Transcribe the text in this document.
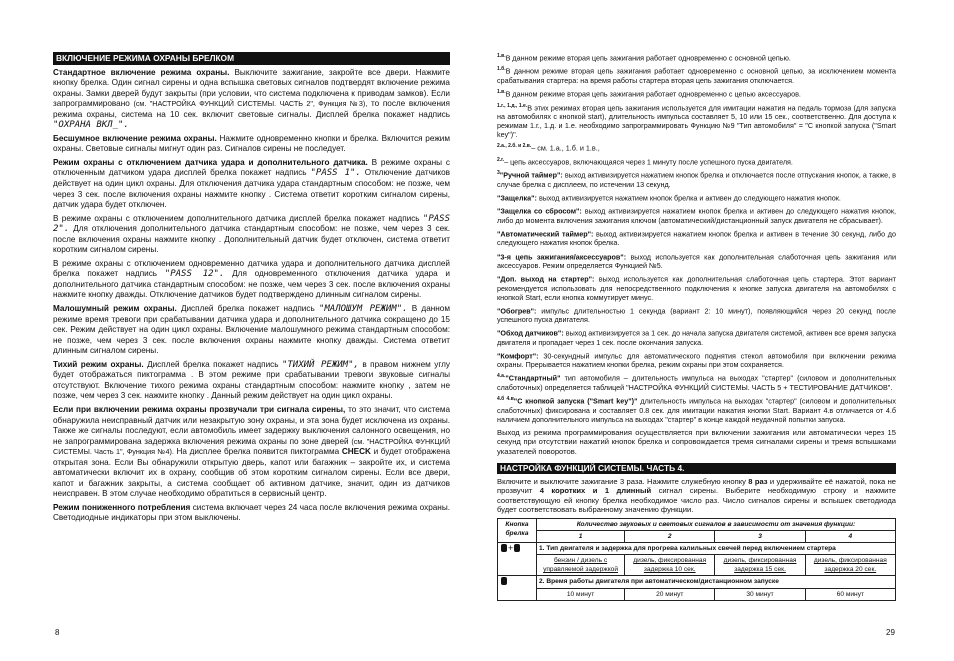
ВКЛЮЧЕНИЕ РЕЖИМА ОХРАНЫ БРЕЛКОМ
Стандартное включение режима охраны. Выключите зажигание, закройте все двери. Нажмите кнопку брелка. Один сигнал сирены и одна вспышка световых сигналов подтвердят включение режима охраны. Замки дверей будут закрыты (при условии, что система подключена к приводам замков). Если запрограммировано (см. "НАСТРОЙКА ФУНКЦИЙ СИСТЕМЫ. ЧАСТЬ 2", Функция №3), то после включения режима охраны, система на 10 сек. включит световые сигналы. Дисплей брелка покажет надпись "ОХРАНА ВКЛ_".
Бесшумное включение режима охраны. Нажмите одновременно кнопки и брелка. Включится режим охраны. Световые сигналы мигнут один раз. Сигналов сирены не последует.
Режим охраны с отключением датчика удара и дополнительного датчика. В режиме охраны с отключенным датчиком удара дисплей брелка покажет надпись "PASS 1". Отключение датчиков действует на один цикл охраны. Для отключения датчика удара стандартным способом: не позже, чем через 3 сек. после включения охраны нажмите кнопку . Система ответит коротким сигналом сирены, датчик удара будет отключен.
В режиме охраны с отключением дополнительного датчика дисплей брелка покажет надпись "PASS 2". Для отключения дополнительного датчика стандартным способом: не позже, чем через 3 сек. после включения охраны нажмите кнопку . Дополнительный датчик будет отключен, система ответит коротким сигналом сирены.
В режиме охраны с отключением одновременно датчика удара и дополнительного датчика дисплей брелка покажет надпись "PASS 12". Для одновременного отключения датчика удара и дополнительного датчика стандартным способом: не позже, чем через 3 сек. после включения охраны нажмите кнопку дважды. Отключение датчиков будет подтверждено длинным сигналом сирены.
Малошумный режим охраны. Дисплей брелка покажет надпись "МАЛОШУМ РЕЖИМ". В данном режиме время тревоги при срабатывании датчика удара и дополнительного датчика сокращено до 15 сек. Режим действует на один цикл охраны. Включение малошумного режима стандартным способом: не позже, чем через 3 сек. после включения охраны нажмите кнопку дважды. Система ответит длинным сигналом сирены.
Тихий режим охраны. Дисплей брелка покажет надпись "ТИХИЙ РЕЖИМ", в правом нижнем углу будет отображаться пиктограмма . В этом режиме при срабатывании тревоги звуковые сигналы отсутствуют. Включение тихого режима охраны стандартным способом: нажмите кнопку , затем не позже, чем через 3 сек. нажмите кнопку . Данный режим действует на один цикл охраны.
Если при включении режима охраны прозвучали три сигнала сирены, то это значит, что система обнаружила неисправный датчик или незакрытую зону охраны, и эта зона будет исключена из охраны. Также же сигналы последуют, если автомобиль имеет задержку выключения салонного освещения, но не запрограммирована задержка включения режима охраны по зоне дверей (см. "НАСТРОЙКА ФУНКЦИЙ СИСТЕМЫ. Часть 1", Функция №4). На дисплее брелка появится пиктограмма CHECK и будет отображена открытая зона. Если Вы обнаружили открытую дверь, капот или багажник – закройте их, и система автоматически включит их в охрану, сообщив об этом коротким сигналом сирены. Если все двери, капот и багажник закрыты, а система сообщает об активном датчике, значит, один из датчиков неисправен. В этом случае необходимо обратиться в сервисный центр.
Режим пониженного потребления система включает через 24 часа после включения режима охраны. Светодиодные индикаторы при этом выключены.
8
$^{1.в.}$В данном режиме вторая цепь зажигания работает одновременно с основной цепью.
$^{1.б.}$В данном режиме вторая цепь зажигания работает одновременно с основной цепью, за исключением момента срабатывания стартера: на время работы стартера вторая цепь зажигания отключается.
$^{1.в.}$В данном режиме вторая цепь зажигания работает одновременно с цепью аксессуаров.
$^{1.г., 1.д., 1.е.}$В этих режимах вторая цепь зажигания используется для имитации нажатия на педаль тормоза (для запуска на автомобилях с кнопкой start), длительность импульса составляет 5, 10 или 15 сек., соответственно. Для доступа к режимам 1.г., 1.д. и 1.е. необходимо запрограммировать Функцию №9 "Тип автомобиля" = "С кнопкой запуска ("Smart key")".
$^{2.а., 2.б. и 2.в.}$– см. 1.а., 1.б. и 1.в.,
$^{2.г.}$– цепь аксессуаров, включающаяся через 1 минуту после успешного пуска двигателя.
$^3$"Ручной таймер": выход активизируется нажатием кнопок брелка и отключается после отпускания кнопок, а также, в случае брелка с дисплеем, по истечении 13 секунд.
"Защелка": выход активизируется нажатием кнопок брелка и активен до следующего нажатия кнопок.
"Защелка со сбросом": выход активизируется нажатием кнопок брелка и активен до следующего нажатия кнопок, либо до момента включения зажигания ключом (автоматический/дистанционный запуск двигателя не сбрасывает).
"Автоматический таймер": выход активизируется нажатием кнопок брелка и активен в течение 30 секунд, либо до следующего нажатия кнопок брелка.
"3-я цепь зажигания/аксессуаров": выход используется как дополнительная слаботочная цепь зажигания или аксессуаров. Режим определяется Функцией №5.
"Доп. выход на стартер": выход используется как дополнительная слаботочная цепь стартера. Этот вариант рекомендуется использовать для непосредственного подключения к кнопке запуска двигателя на автомобилях с кнопкой Start, если кнопка коммутирует минус.
"Обогрев": импульс длительностью 1 секунда (вариант 2: 10 минут), появляющийся через 20 секунд после успешного пуска двигателя.
"Обход датчиков": выход активизируется за 1 сек. до начала запуска двигателя системой, активен все время запуска двигателя и пропадает через 1 сек. после окончания запуска.
"Комфорт": 30-секундный импульс для автоматического поднятия стекол автомобиля при включении режима охраны. Прерывается нажатием кнопки брелка, режим охраны при этом сохраняется.
$^{4.а.}$"Стандартный" тип автомобиля – длительность импульса на выходах "стартер" (силовом и дополнительных слаботочных) определяется таблицей "НАСТРОЙКА ФУНКЦИЙ СИСТЕМЫ. ЧАСТЬ 5 + ТЕСТИРОВАНИЕ ДАТЧИКОВ".
$^{4.б 4.в}$"С кнопкой запуска ("Smart key")" длительность импульса на выходах "стартер" (силовом и дополнительных слаботочных) фиксирована и составляет 0.8 сек. для имитации нажатия кнопки Start. Вариант 4.в отличается от 4.б наличием дополнительного импульса на выходах "стартер" в конце каждой неудачной попытки запуска.
Выход из режима программирования осуществляется при включении зажигания или автоматически через 15 секунд при отсутствии нажатий кнопок брелка и сопровождается тремя сигналами сирены и тремя вспышками указателей поворотов.
НАСТРОЙКА ФУНКЦИЙ СИСТЕМЫ. ЧАСТЬ 4.
Включите и выключите зажигание 3 раза. Нажмите служебную кнопку 8 раз и удерживайте её нажатой, пока не прозвучит 4 коротких и 1 длинный сигнал сирены. Выберите необходимую строку и нажмите соответствующую ей кнопку брелка необходимое число раз. Число сигналов сирены и вспышек светодиода будет соответствовать выбранному значению функции.
Кнопка брелка	Количество звуковых и световых сигналов в зависимости от значения функции:			
	1	2	3	4
+	1. Тип двигателя и задержка для прогрева калильных свечей перед включением стартера			
	бензин / дизель с управляемой задержкой	дизель, фиксированная задержка 10 сек.	дизель, фиксированная задержка 15 сек.	дизель, фиксированная задержка 20 сек.
	2. Время работы двигателя при автоматическом/дистанционном запуске			
	10 минут	20 минут	30 минут	60 минут
29
